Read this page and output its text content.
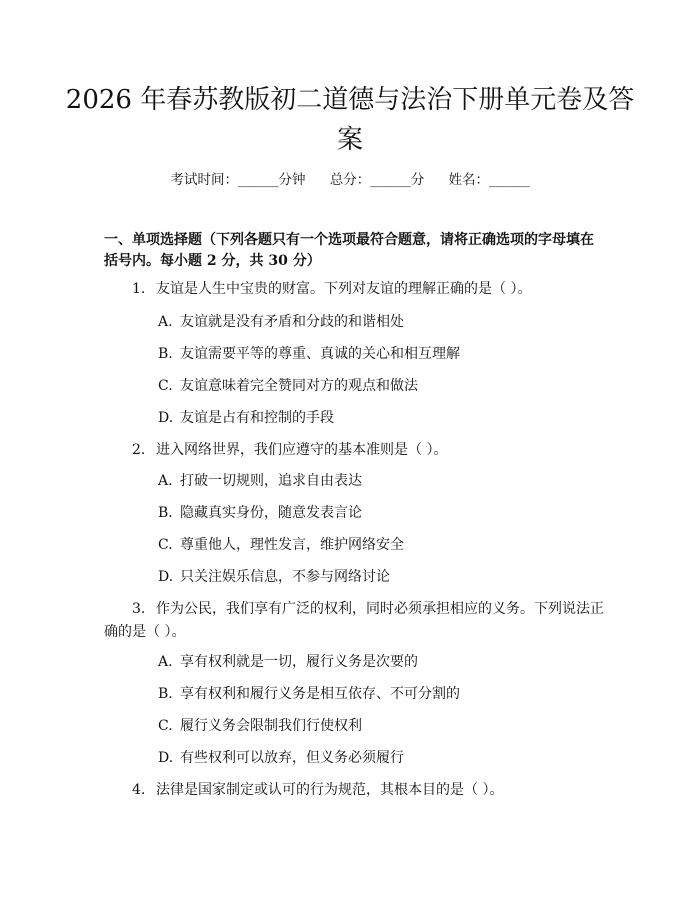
2026 年春苏教版初二道德与法治下册单元卷及答案
考试时间：______分钟 总分：______分 姓名：______
一、单项选择题（下列各题只有一个选项最符合题意，请将正确选项的字母填在括号内。每小题 2 分，共 30 分）
1. 友谊是人生中宝贵的财富。下列对友谊的理解正确的是（ ）。
A. 友谊就是没有矛盾和分歧的和谐相处
B. 友谊需要平等的尊重、真诚的关心和相互理解
C. 友谊意味着完全赞同对方的观点和做法
D. 友谊是占有和控制的手段
2. 进入网络世界，我们应遵守的基本准则是（ ）。
A. 打破一切规则，追求自由表达
B. 隐藏真实身份，随意发表言论
C. 尊重他人，理性发言，维护网络安全
D. 只关注娱乐信息，不参与网络讨论
3. 作为公民，我们享有广泛的权利，同时必须承担相应的义务。下列说法正确的是（ ）。
A. 享有权利就是一切，履行义务是次要的
B. 享有权利和履行义务是相互依存、不可分割的
C. 履行义务会限制我们行使权利
D. 有些权利可以放弃，但义务必须履行
4. 法律是国家制定或认可的行为规范，其根本目的是（ ）。
